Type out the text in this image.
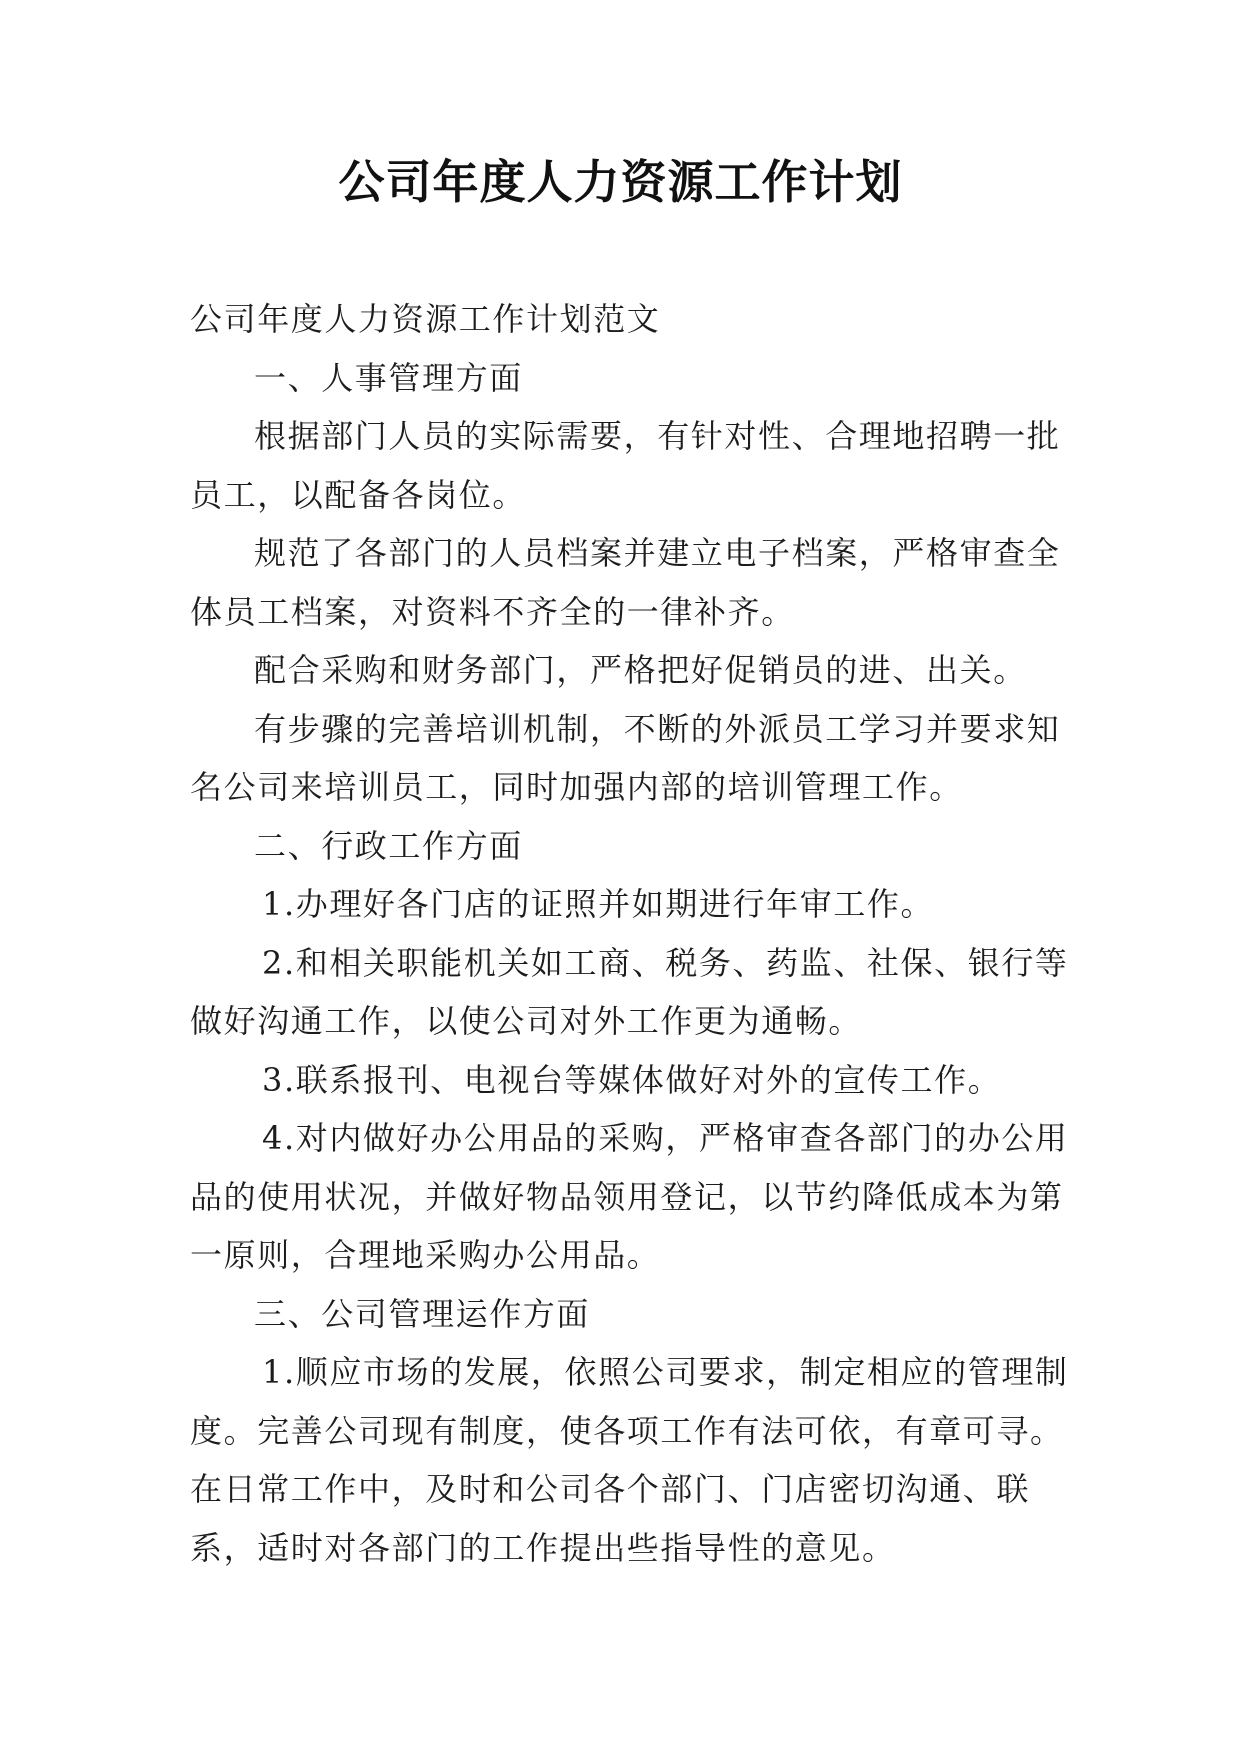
公司年度人力资源工作计划

公司年度人力资源工作计划范文

一、人事管理方面

根据部门人员的实际需要，有针对性、合理地招聘一批员工，以配备各岗位。

规范了各部门的人员档案并建立电子档案，严格审查全体员工档案，对资料不齐全的一律补齐。

配合采购和财务部门，严格把好促销员的进、出关。

有步骤的完善培训机制，不断的外派员工学习并要求知名公司来培训员工，同时加强内部的培训管理工作。

二、行政工作方面

1.办理好各门店的证照并如期进行年审工作。

2.和相关职能机关如工商、税务、药监、社保、银行等做好沟通工作，以使公司对外工作更为通畅。

3.联系报刊、电视台等媒体做好对外的宣传工作。

4.对内做好办公用品的采购，严格审查各部门的办公用品的使用状况，并做好物品领用登记，以节约降低成本为第一原则，合理地采购办公用品。

三、公司管理运作方面

1.顺应市场的发展，依照公司要求，制定相应的管理制度。完善公司现有制度，使各项工作有法可依，有章可寻。在日常工作中，及时和公司各个部门、门店密切沟通、联系，适时对各部门的工作提出些指导性的意见。
